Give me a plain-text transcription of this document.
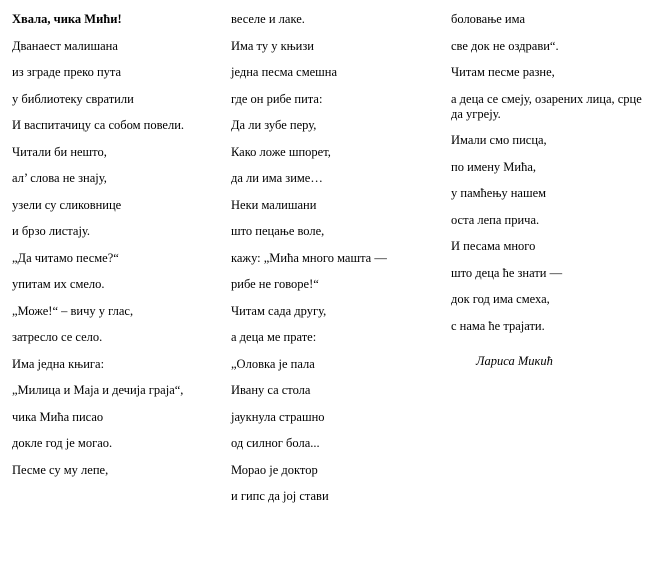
Хвала, чика Мићи!

Дванаест малишана

из зграде преко пута

у библиотеку свратили

И васпитачицу са собом повели.

Читали би нешто,

ал’ слова не знају,

узели су сликовнице

и брзо листају.

„Да читамо песме?“

упитам их смело.

„Може!“ – вичу у глас,

затресло се село.

Има једна књига:

„Милица и Маја и дечија граја“,

чика Мића писао

докле год је могао.

Песме су му лепе,

веселе и лаке.

Има ту у књизи

једна песма смешна

где он рибе пита:

Да ли зубе перу,

Како ложе шпорет,

да ли има зиме…

Неки малишани

што пецање воле,

кажу: „Мића много машта —

рибе не говоре!“

Читам сада другу,

а деца ме прате:

„Оловка је пала

Ивану са стола

јаукнула страшно

од силног бола...

Морао је доктор

и гипс да јој стави

боловање има

све док не оздрави“.

Читам песме разне,

а деца се смеју, озарених лица, срце да угреју.

Имали смо писца,

по имену Мића,

у памћењу нашем

оста лепа прича.

И песама много

што деца ће знати —

док год има смеха,

с нама ће трајати.

Лариса Микић
